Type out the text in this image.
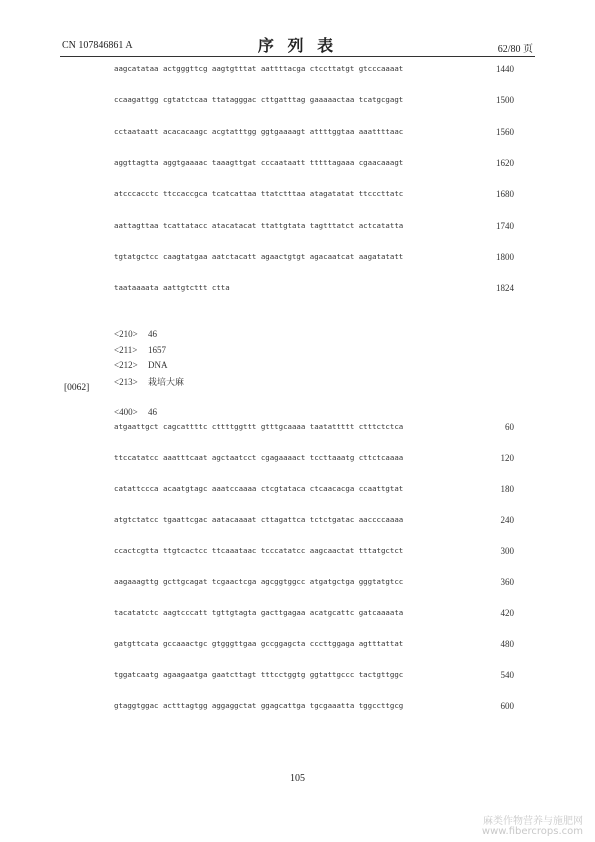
CN 107846861 A	序 列 表	62/80 页
aagcatataa actgggttcg aagtgtttat aattttacga ctccttatgt gtcccaaaat	1440
ccaagattgg cgtatctcaa ttatagggac cttgatttag gaaaaactaa tcatgcgagt	1500
cctaataatt acacacaagc acgtatttgg ggtgaaaagt attttggtaa aaattttaac	1560
aggttagtta aggtgaaaac taaagttgat cccaataatt tttttagaaa cgaacaaagt	1620
atcccacctc ttccaccgca tcatcattaa ttatctttaa atagatatat ttcccttatc	1680
aattagttaa tcattatacc atacatacat ttattgtata tagtttatct actcatatta	1740
tgtatgctcc caagtatgaa aatctacatt agaactgtgt agacaatcat aagatatatt	1800
taataaaata aattgtcttt ctta	1824
<210> 46
<211> 1657
<212> DNA
<213> 栽培大麻
[0062]
<400> 46
atgaattgct cagcattttc cttttggttt gtttgcaaaa taatattttt ctttctctca	60
ttccatatcc aaatttcaat agctaatcct cgagaaaact tccttaaatg cttctcaaaa	120
catattccca acaatgtagc aaatccaaaa ctcgtataca ctcaacacga ccaattgtat	180
atgtctatcc tgaattcgac aatacaaaat cttagattca tctctgatac aaccccaaaa	240
ccactcgtta ttgtcactcc ttcaaataac tcccatatcc aagcaactat tttatgctct	300
aagaaagttg gcttgcagat tcgaactcga agcggtggcc atgatgctga gggtatgtcc	360
tacatatctc aagtcccatt tgttgtagta gacttgagaa acatgcattc gatcaaaata	420
gatgttcata gccaaactgc gtgggttgaa gccggagcta cccttggaga agtttattat	480
tggatcaatg agaagaatga gaatcttagt tttcctggtg ggtattgccc tactgttggc	540
gtaggtggac actttagtgg aggaggctat ggagcattga tgcgaaatta tggccttgcg	600
105
麻类作物营养与施肥网
www.fibercrops.com
